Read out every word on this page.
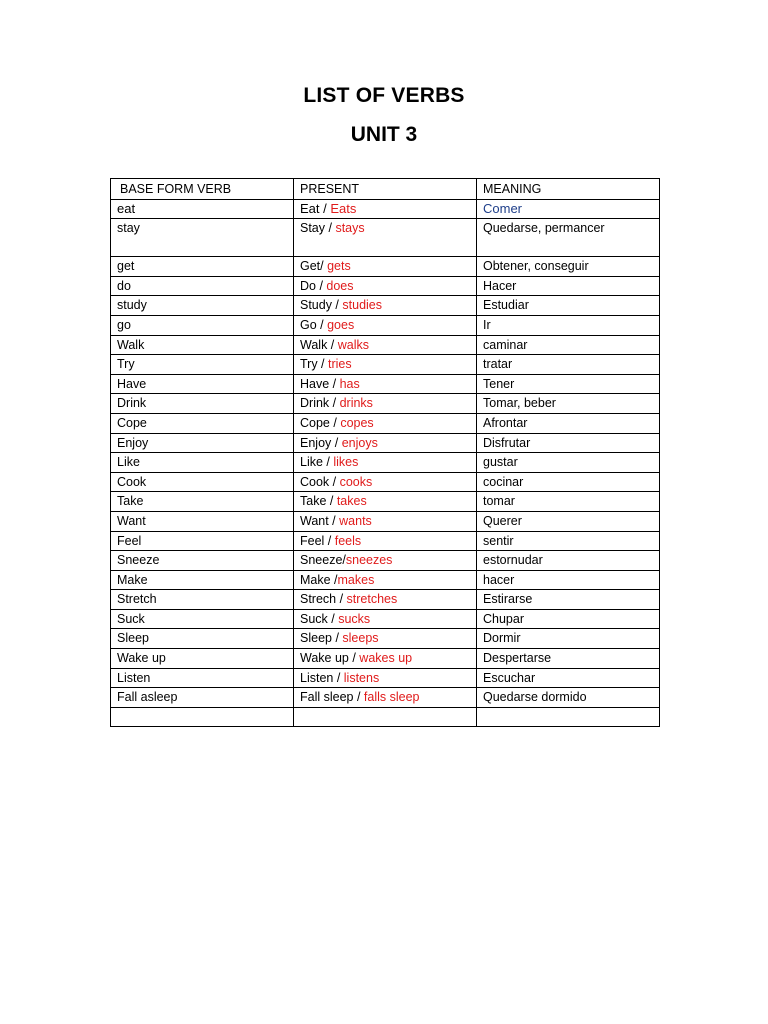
LIST OF VERBS
UNIT 3
BASE FORM VERB	PRESENT	MEANING
eat	Eat / Eats	Comer
stay	Stay / stays	Quedarse, permancer
get	Get/ gets	Obtener, conseguir
do	Do / does	Hacer
study	Study / studies	Estudiar
go	Go / goes	Ir
Walk	Walk / walks	caminar
Try	Try / tries	tratar
Have	Have / has	Tener
Drink	Drink / drinks	Tomar, beber
Cope	Cope / copes	Afrontar
Enjoy	Enjoy / enjoys	Disfrutar
Like	Like / likes	gustar
Cook	Cook / cooks	cocinar
Take	Take / takes	tomar
Want	Want / wants	Querer
Feel	Feel / feels	sentir
Sneeze	Sneeze/sneezes	estornudar
Make	Make /makes	hacer
Stretch	Strech / stretches	Estirarse
Suck	Suck / sucks	Chupar
Sleep	Sleep / sleeps	Dormir
Wake up	Wake up / wakes up	Despertarse
Listen	Listen / listens	Escuchar
Fall asleep	Fall sleep / falls sleep	Quedarse dormido
